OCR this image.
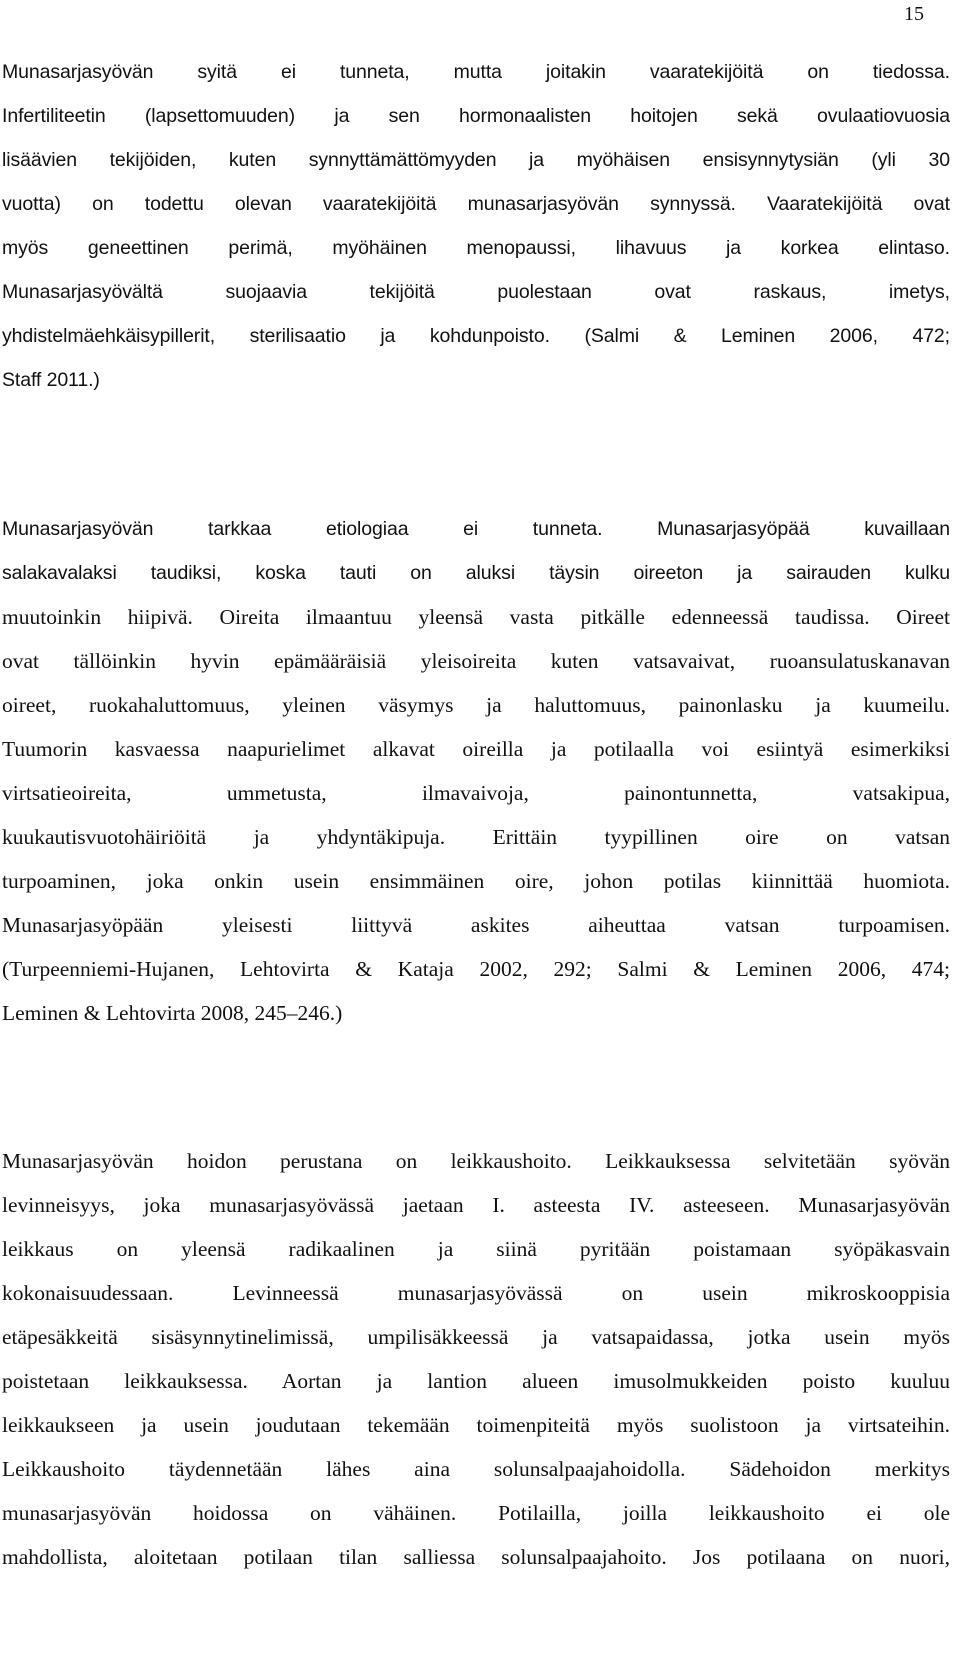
15
Munasarjasyövän syitä ei tunneta, mutta joitakin vaaratekijöitä on tiedossa.
Infertiliteetin (lapsettomuuden) ja sen hormonaalisten hoitojen sekä ovulaatiovuosia
lisäävien tekijöiden, kuten synnyttämättömyyden ja myöhäisen ensisynnytysiän (yli 30
vuotta) on todettu olevan vaaratekijöitä munasarjasyövän synnyssä. Vaaratekijöitä ovat
myös geneettinen perimä, myöhäinen menopaussi, lihavuus ja korkea elintaso.
Munasarjasyövältä suojaavia tekijöitä puolestaan ovat raskaus, imetys,
yhdistelmäehkäisypillerit, sterilisaatio ja kohdunpoisto. (Salmi & Leminen 2006, 472;
Staff 2011.)
Munasarjasyövän tarkkaa etiologiaa ei tunneta. Munasarjasyöpää kuvaillaan
salakavalaksi taudiksi, koska tauti on aluksi täysin oireeton ja sairauden kulku
muutoinkin hiipivä. Oireita ilmaantuu yleensä vasta pitkälle edenneessä taudissa. Oireet
ovat tällöinkin hyvin epämääräisiä yleisoireita kuten vatsavaivat, ruoansulatuskanavan
oireet, ruokahaluttomuus, yleinen väsymys ja haluttomuus, painonlasku ja kuumeilu.
Tuumorin kasvaessa naapurielimet alkavat oireilla ja potilaalla voi esiintyä esimerkiksi
virtsatieoireita, ummetusta, ilmavaivoja, painontunnetta, vatsakipua,
kuukautisvuotohäiriöitä ja yhdyntäkipuja. Erittäin tyypillinen oire on vatsan
turpoaminen, joka onkin usein ensimmäinen oire, johon potilas kiinnittää huomiota.
Munasarjasyöpään yleisesti liittyvä askites aiheuttaa vatsan turpoamisen.
(Turpeenniemi-Hujanen, Lehtovirta & Kataja 2002, 292; Salmi & Leminen 2006, 474;
Leminen & Lehtovirta 2008, 245–246.)
Munasarjasyövän hoidon perustana on leikkaushoito. Leikkauksessa selvitetään syövän
levinneisyys, joka munasarjasyövässä jaetaan I. asteesta IV. asteeseen. Munasarjasyövän
leikkaus on yleensä radikaalinen ja siinä pyritään poistamaan syöpäkasvain
kokonaisuudessaan. Levinneessä munasarjasyövässä on usein mikroskooppisia
etäpesäkkeitä sisäsynnytinelimissä, umpilisäkkeessä ja vatsapaidassa, jotka usein myös
poistetaan leikkauksessa. Aortan ja lantion alueen imusolmukkeiden poisto kuuluu
leikkaukseen ja usein joudutaan tekemään toimenpiteitä myös suolistoon ja virtsateihin.
Leikkaushoito täydennetään lähes aina solunsalpaajahoidolla. Sädehoidon merkitys
munasarjasyövän hoidossa on vähäinen. Potilailla, joilla leikkaushoito ei ole
mahdollista, aloitetaan potilaan tilan salliessa solunsalpaajahoito. Jos potilaana on nuori,
